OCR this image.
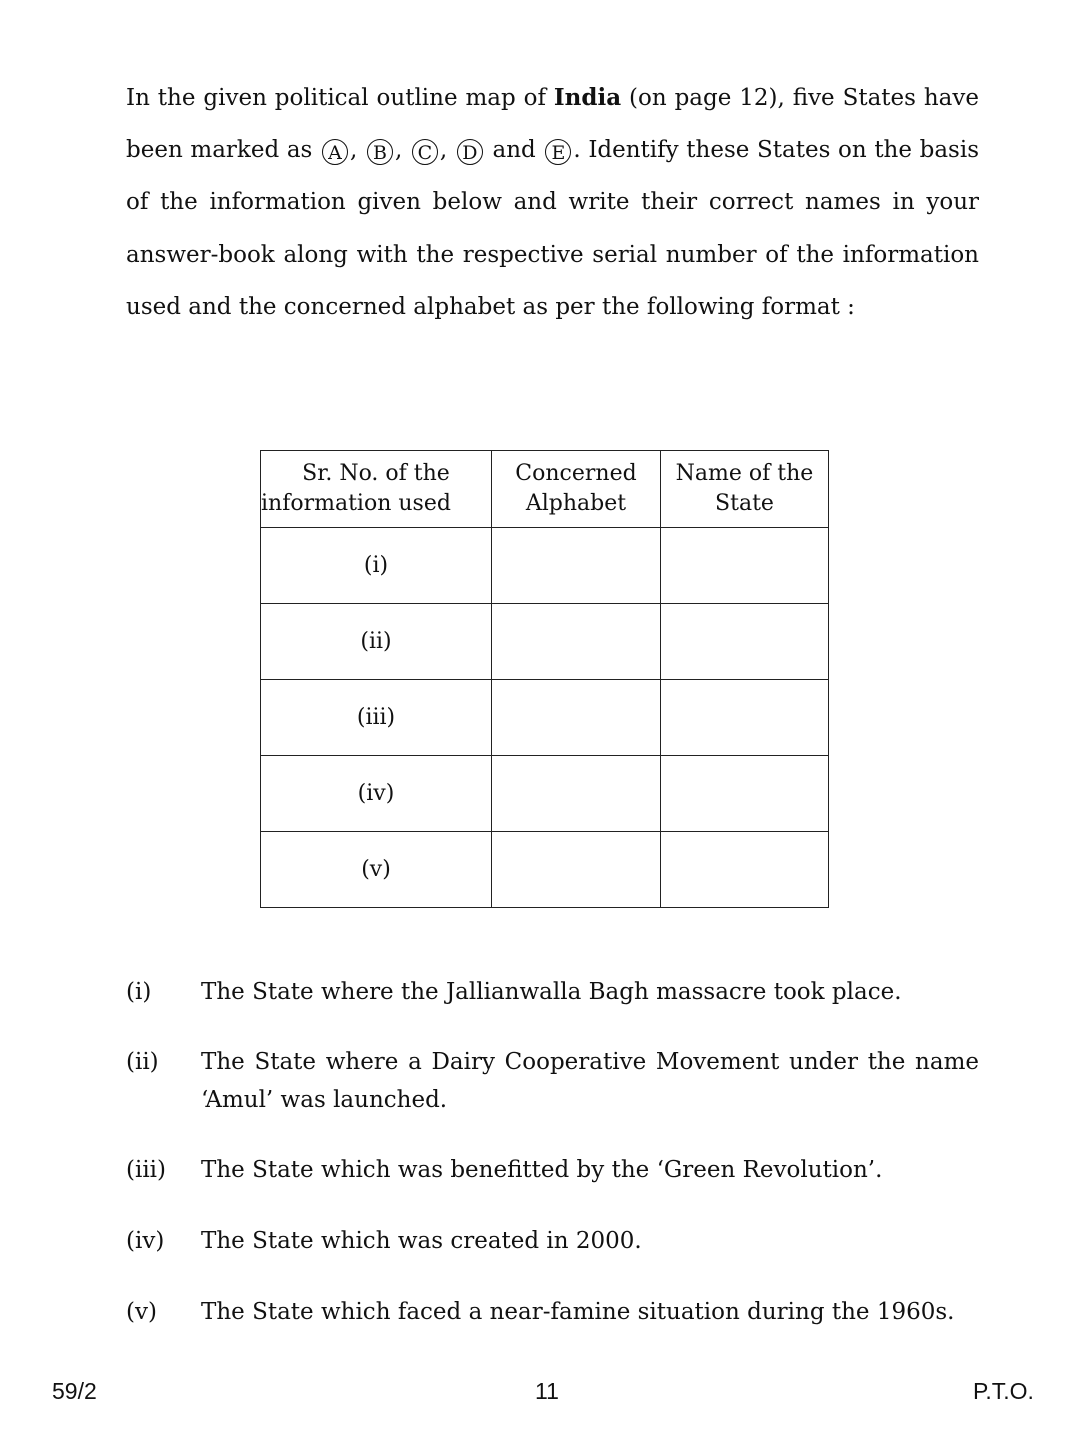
In the given political outline map of India (on page 12), five States have been marked as A , B , C , D and E . Identify these States on the basis of the information given below and write their correct names in your answer-book along with the respective serial number of the information used and the concerned alphabet as per the following format :
Sr. No. of the information used	Concerned Alphabet	Name of the State
(i)		
(ii)		
(iii)		
(iv)		
(v)		
(i) The State where the Jallianwalla Bagh massacre took place.
(ii) The State where a Dairy Cooperative Movement under the name ‘Amul’ was launched.
(iii) The State which was benefitted by the ‘Green Revolution’.
(iv) The State which was created in 2000.
(v) The State which faced a near-famine situation during the 1960s.
59/2	11	P.T.O.
